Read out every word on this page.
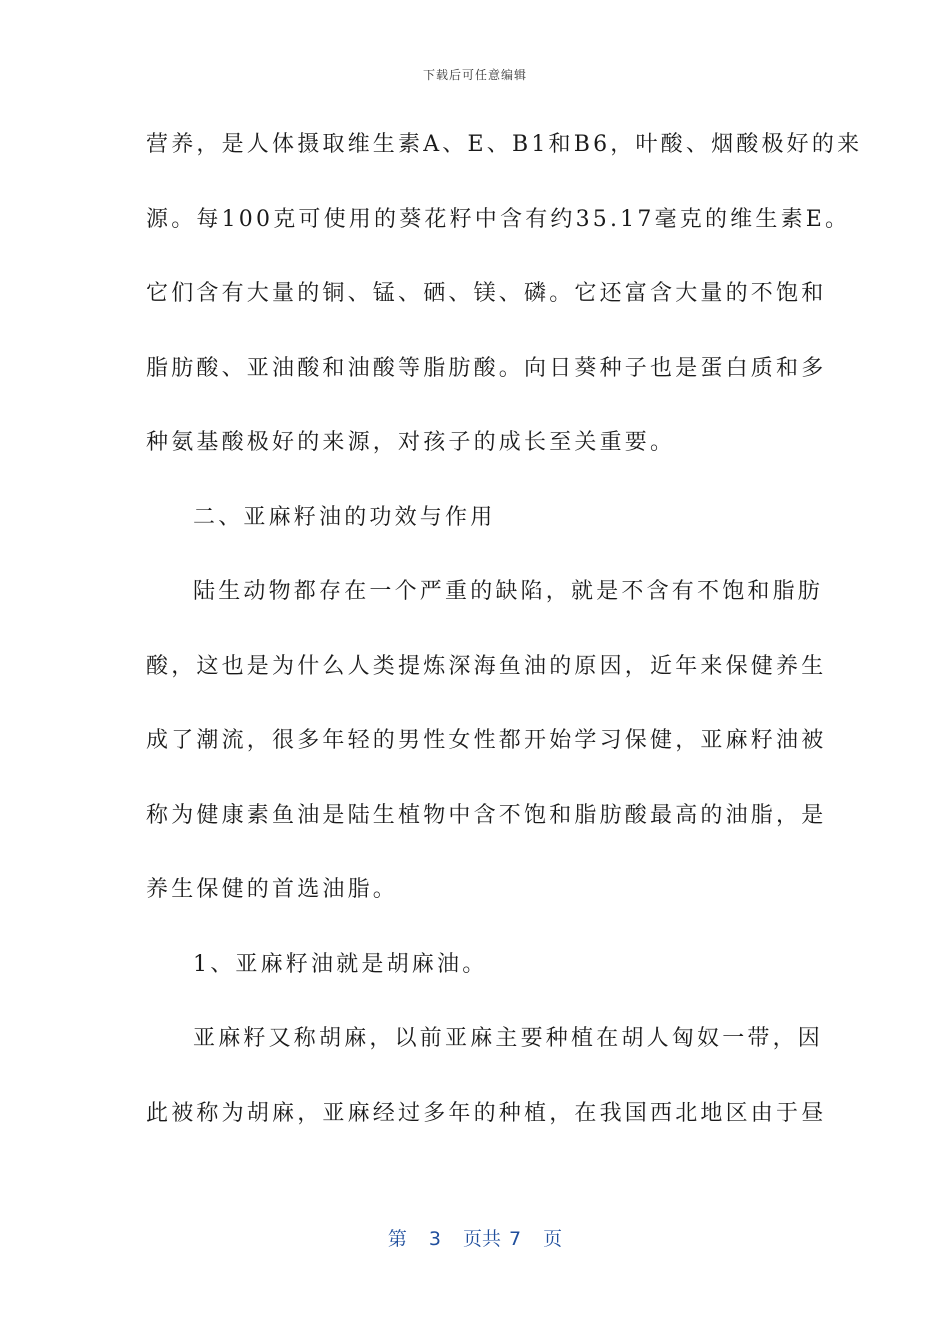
下载后可任意编辑
营养，是人体摄取维生素A、E、B1和B6，叶酸、烟酸极好的来
源。每100克可使用的葵花籽中含有约35.17毫克的维生素E。
它们含有大量的铜、锰、硒、镁、磷。它还富含大量的不饱和
脂肪酸、亚油酸和油酸等脂肪酸。向日葵种子也是蛋白质和多
种氨基酸极好的来源，对孩子的成长至关重要。
二、亚麻籽油的功效与作用
陆生动物都存在一个严重的缺陷，就是不含有不饱和脂肪
酸，这也是为什么人类提炼深海鱼油的原因，近年来保健养生
成了潮流，很多年轻的男性女性都开始学习保健，亚麻籽油被
称为健康素鱼油是陆生植物中含不饱和脂肪酸最高的油脂，是
养生保健的首选油脂。
1、亚麻籽油就是胡麻油。
亚麻籽又称胡麻，以前亚麻主要种植在胡人匈奴一带，因
此被称为胡麻，亚麻经过多年的种植，在我国西北地区由于昼
第 3 页共 7 页
